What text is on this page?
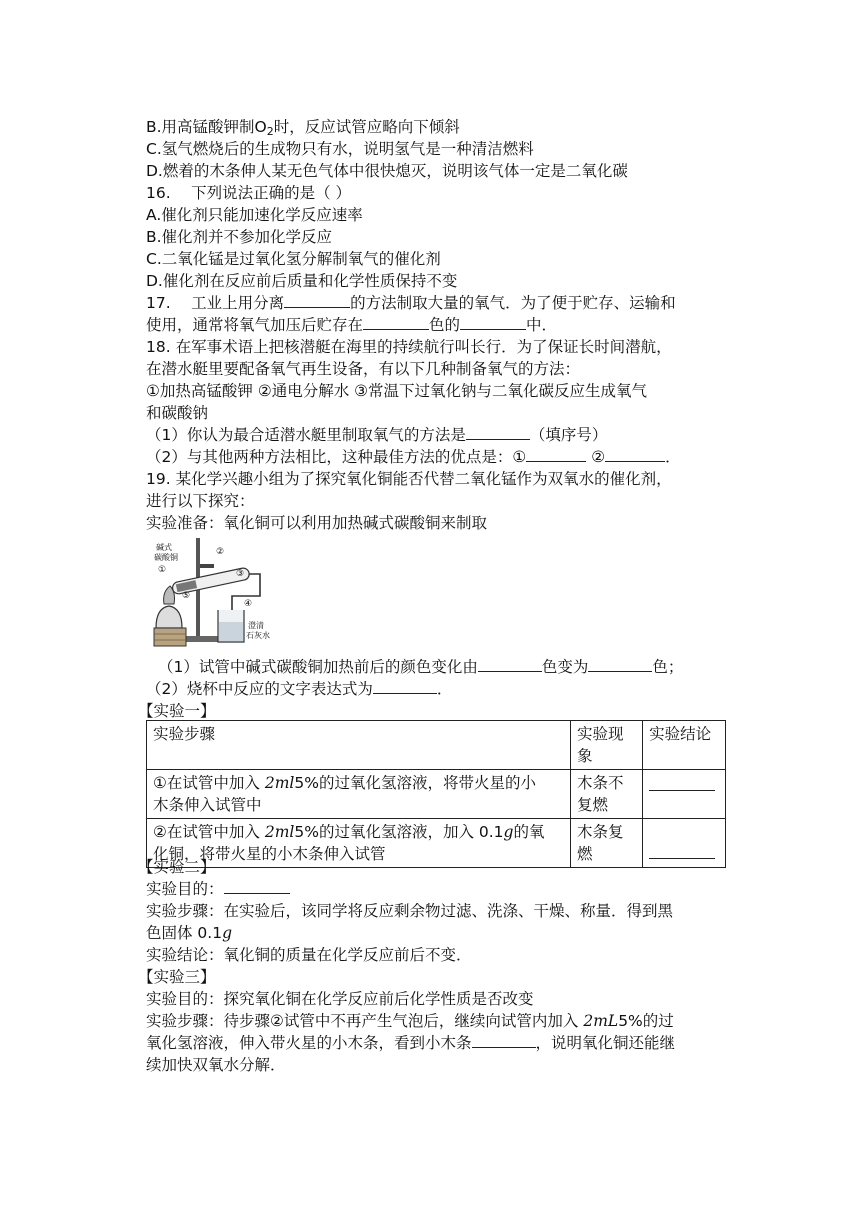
B.用高锰酸钾制$O_2$时，反应试管应略向下倾斜
C.氢气燃烧后的生成物只有水，说明氢气是一种清洁燃料
D.燃着的木条伸人某无色气体中很快熄灭，说明该气体一定是二氧化碳
16.　 下列说法正确的是（ ）
A.催化剂只能加速化学反应速率
B.催化剂并不参加化学反应
C.二氧化锰是过氧化氢分解制氧气的催化剂
D.催化剂在反应前后质量和化学性质保持不变
17.　 工业上用分离	的方法制取大量的氧气．为了便于贮存、运输和
使用，通常将氧气加压后贮存在	色的	中．
18. 在军事术语上把核潜艇在海里的持续航行叫长行．为了保证长时间潜航，
在潜水艇里要配备氧气再生设备，有以下几种制备氧气的方法：
①加热高锰酸钾 ②通电分解水 ③常温下过氧化钠与二氧化碳反应生成氧气
和碳酸钠
（1）你认为最合适潜水艇里制取氧气的方法是	（填序号）
（2）与其他两种方法相比，这种最佳方法的优点是：①	②	．
19. 某化学兴趣小组为了探究氧化铜能否代替二氧化锰作为双氧水的催化剂，
进行以下探究：
实验准备：氧化铜可以利用加热碱式碳酸铜来制取
碱式
碳酸铜
②
③
④
⑤
①
澄清
石灰水
（1）试管中碱式碳酸铜加热前后的颜色变化由	色变为	色；
（2）烧杯中反应的文字表达式为	．
【实验一】
实验步骤	实验现象	实验结论
①在试管中加入 2ml5%的过氧化氢溶液，将带火星的小
木条伸入试管中	木条不
复燃	
②在试管中加入 2ml5%的过氧化氢溶液，加入 0.1g的氧
化铜，将带火星的小木条伸入试管	木条复
燃	

【实验二】
实验目的：
实验步骤：在实验后，该同学将反应剩余物过滤、洗涤、干燥、称量．得到黑
色固体 0.1g
实验结论：氧化铜的质量在化学反应前后不变．
【实验三】
实验目的：探究氧化铜在化学反应前后化学性质是否改变
实验步骤：待步骤②试管中不再产生气泡后，继续向试管内加入 2mL5%的过
氧化氢溶液，伸入带火星的小木条，看到小木条	，说明氧化铜还能继
续加快双氧水分解．
